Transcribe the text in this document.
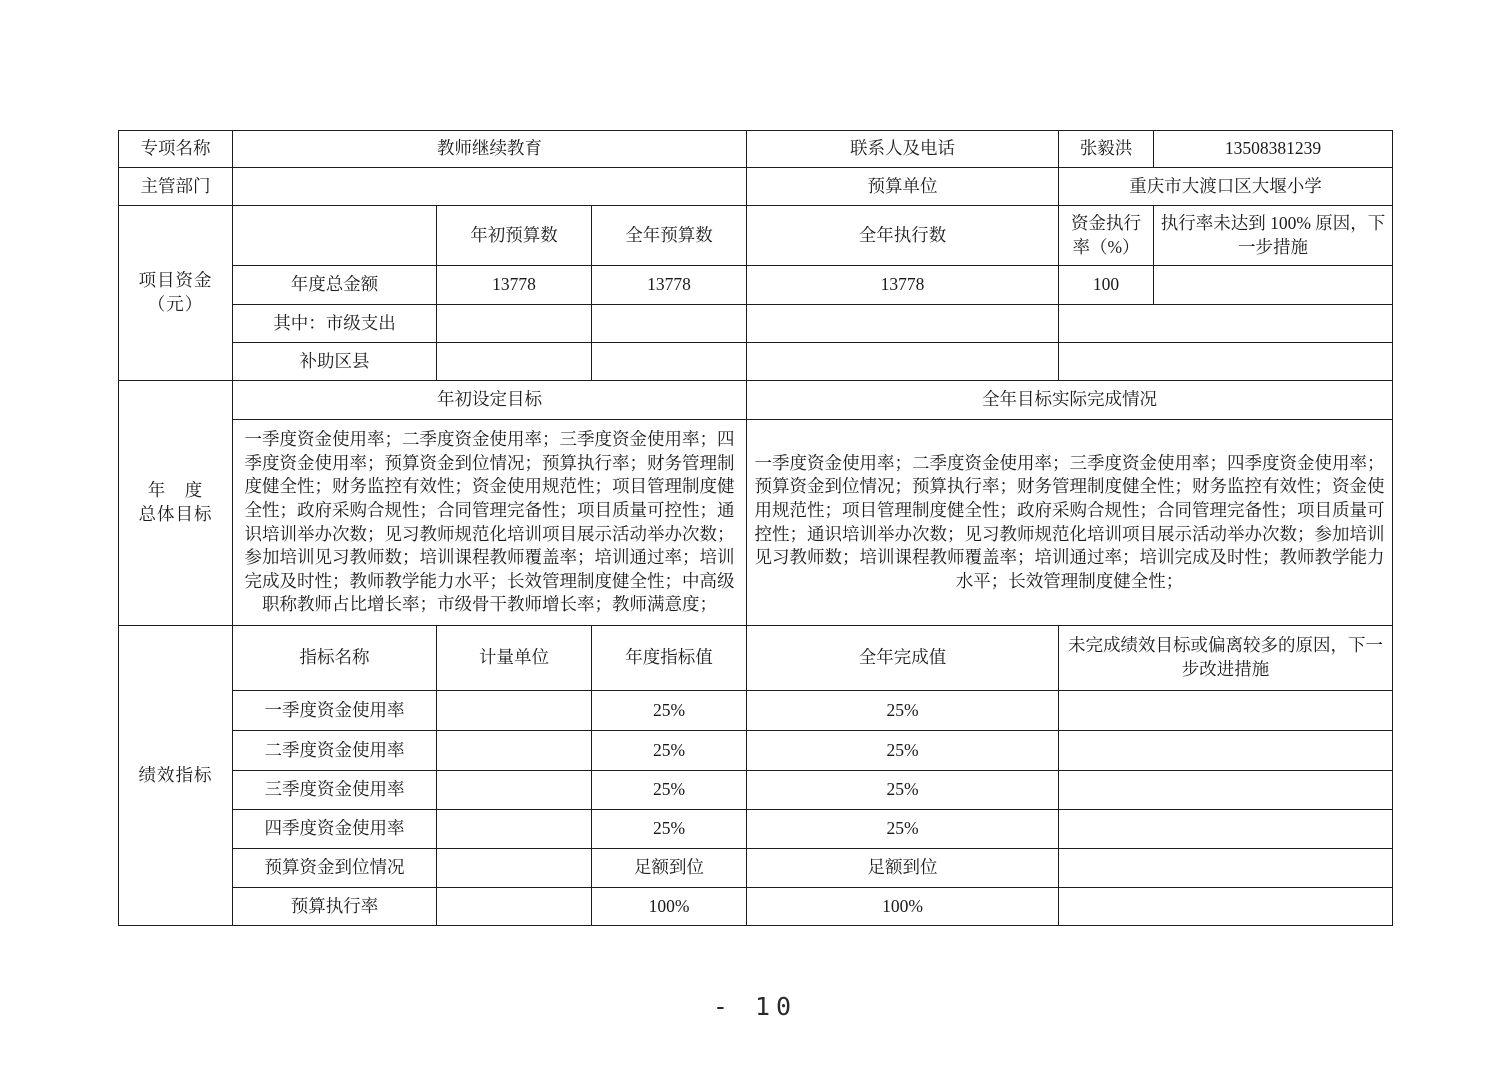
专项名称	教师继续教育			联系人及电话	张毅洪	13508381239
主管部门				预算单位	重庆市大渡口区大堰小学	

项目资金
（元）		年初预算数	全年预算数	全年执行数	资金执行率（%）	执行率未达到 100% 原因，下一步措施
	年度总金额	13778	13778	13778	100	
	其中：市级支出					
	补助区县					

年　度
总体目标	年初设定目标			全年目标实际完成情况		
	一季度资金使用率；二季度资金使用率；三季度资金使用率；四季度资金使用率；预算资金到位情况；预算执行率；财务管理制度健全性；财务监控有效性；资金使用规范性；项目管理制度健全性；政府采购合规性；合同管理完备性；项目质量可控性；通识培训举办次数；见习教师规范化培训项目展示活动举办次数；参加培训见习教师数；培训课程教师覆盖率；培训通过率；培训完成及时性；教师教学能力水平；长效管理制度健全性；中高级职称教师占比增长率；市级骨干教师增长率；教师满意度；			一季度资金使用率；二季度资金使用率；三季度资金使用率；四季度资金使用率；预算资金到位情况；预算执行率；财务管理制度健全性；财务监控有效性；资金使用规范性；项目管理制度健全性；政府采购合规性；合同管理完备性；项目质量可控性；通识培训举办次数；见习教师规范化培训项目展示活动举办次数；参加培训见习教师数；培训课程教师覆盖率；培训通过率；培训完成及时性；教师教学能力水平；长效管理制度健全性；		
绩效指标	指标名称	计量单位	年度指标值	全年完成值	未完成绩效目标或偏离较多的原因，下一步改进措施	
	一季度资金使用率		25%	25%		
	二季度资金使用率		25%	25%		
	三季度资金使用率		25%	25%		
	四季度资金使用率		25%	25%		
	预算资金到位情况		足额到位	足额到位		
	预算执行率		100%	100%		
- 10
